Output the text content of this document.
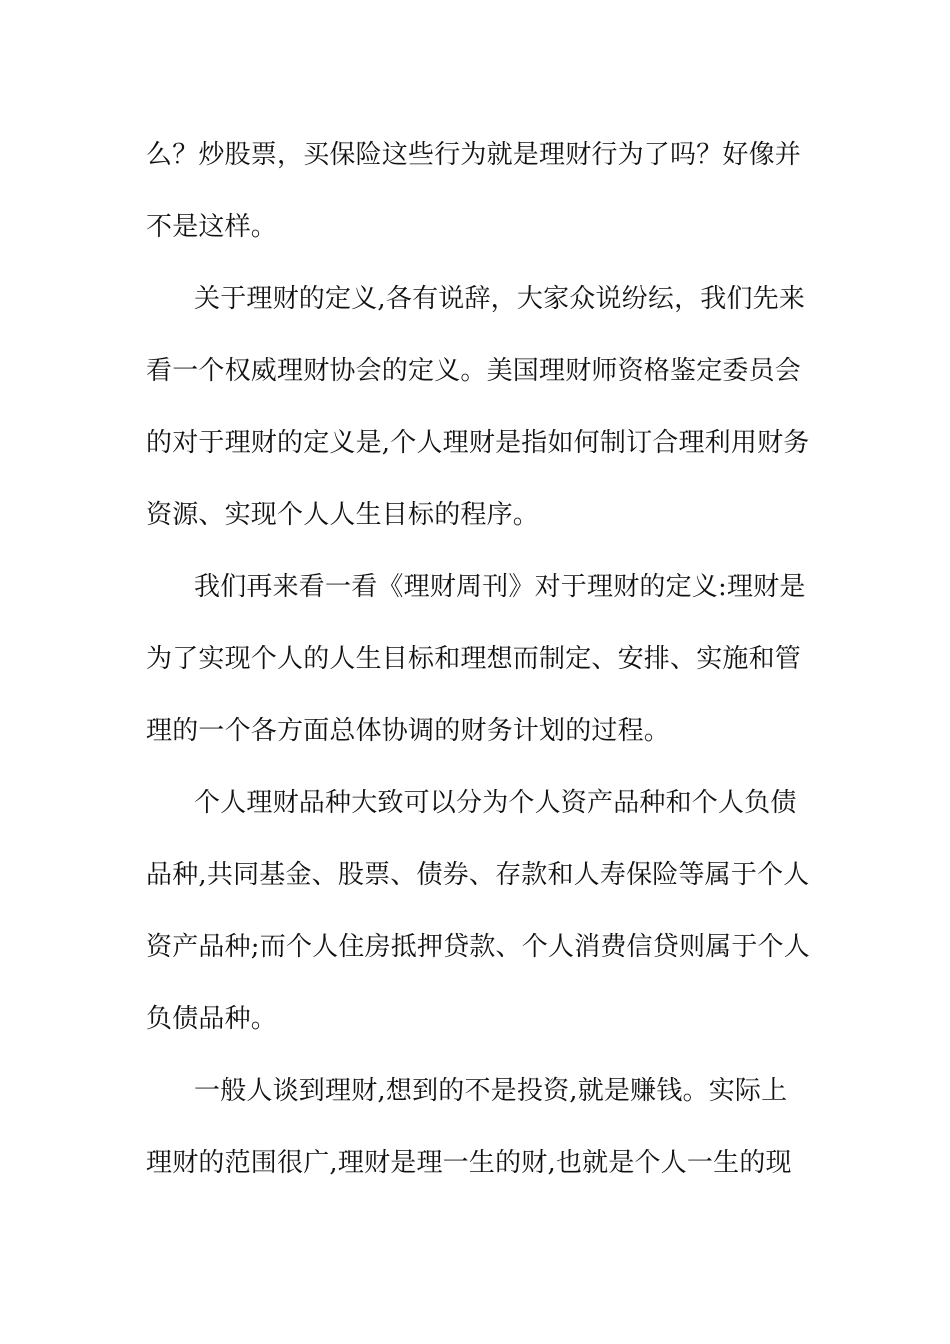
么？炒股票，买保险这些行为就是理财行为了吗？好像并
不是这样。
关于理财的定义,各有说辞，大家众说纷纭，我们先来
看一个权威理财协会的定义。美国理财师资格鉴定委员会
的对于理财的定义是,个人理财是指如何制订合理利用财务
资源、实现个人人生目标的程序。
我们再来看一看《理财周刊》对于理财的定义:理财是
为了实现个人的人生目标和理想而制定、安排、实施和管
理的一个各方面总体协调的财务计划的过程。
个人理财品种大致可以分为个人资产品种和个人负债
品种,共同基金、股票、债券、存款和人寿保险等属于个人
资产品种;而个人住房抵押贷款、个人消费信贷则属于个人
负债品种。
一般人谈到理财,想到的不是投资,就是赚钱。实际上
理财的范围很广,理财是理一生的财,也就是个人一生的现
